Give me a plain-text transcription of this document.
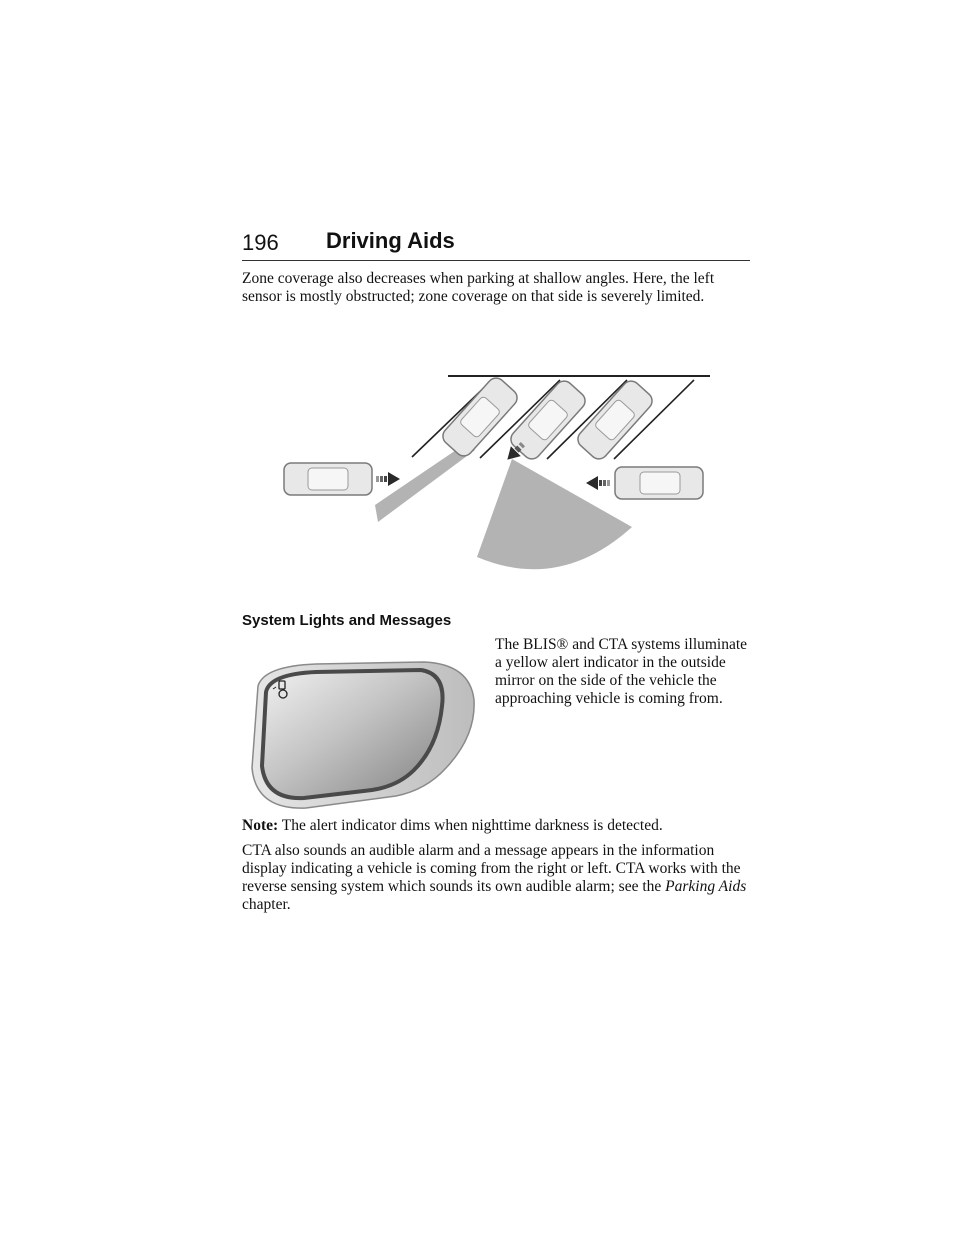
196 Driving Aids

Zone coverage also decreases when parking at shallow angles. Here, the left sensor is mostly obstructed; zone coverage on that side is severely limited.

System Lights and Messages

The BLIS® and CTA systems illuminate a yellow alert indicator in the outside mirror on the side of the vehicle the approaching vehicle is coming from.

Note: The alert indicator dims when nighttime darkness is detected.

CTA also sounds an audible alarm and a message appears in the information display indicating a vehicle is coming from the right or left. CTA works with the reverse sensing system which sounds its own audible alarm; see the Parking Aids chapter.
